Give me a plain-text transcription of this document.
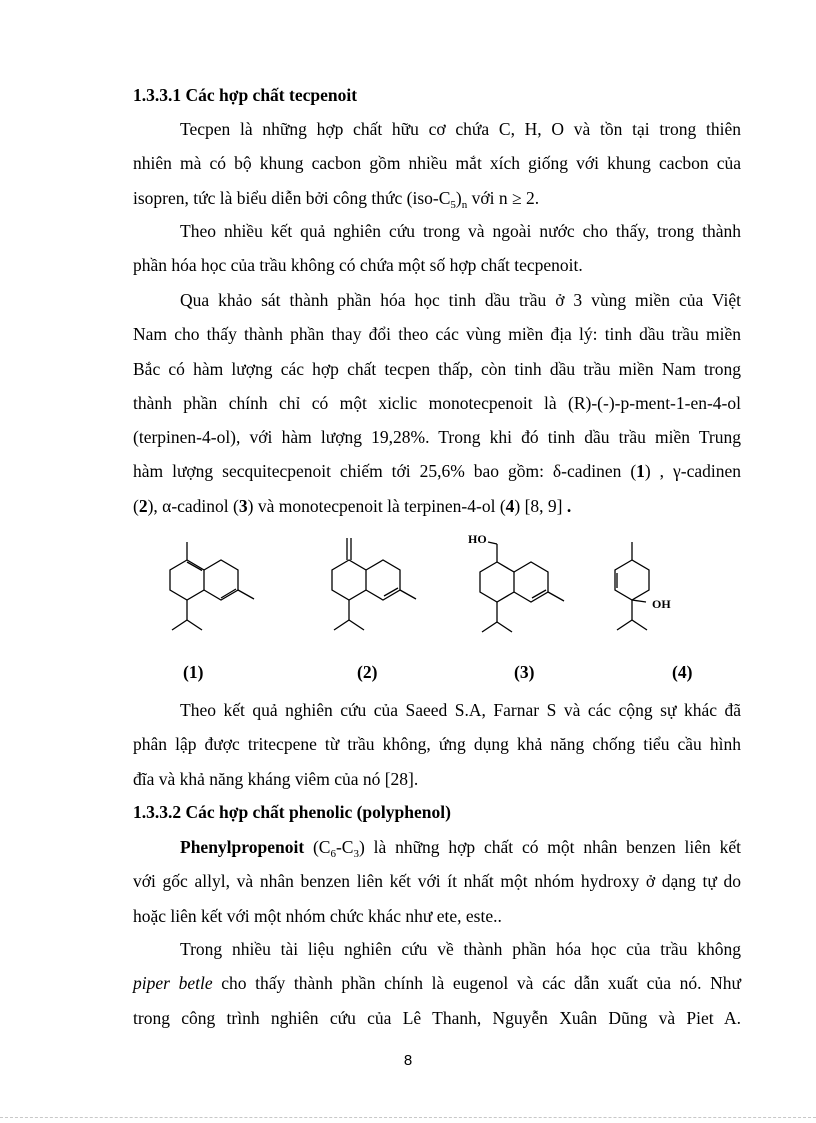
1.3.3.1 Các hợp chất tecpenoit
Tecpen là những hợp chất hữu cơ chứa C, H, O và tồn tại trong thiên
nhiên mà có bộ khung cacbon gồm nhiều mắt xích giống với khung cacbon của
isopren, tức là biểu diễn bởi công thức $(iso-C_5)_n$ với n ≥ 2.
Theo nhiều kết quả nghiên cứu trong và ngoài nước cho thấy, trong thành
phần hóa học của trầu không có chứa một số hợp chất tecpenoit.
Qua khảo sát thành phần hóa học tinh dầu trầu ở 3 vùng miền của Việt
Nam cho thấy thành phần thay đổi theo các vùng miền địa lý: tinh dầu trầu miền
Bắc có hàm lượng các hợp chất tecpen thấp, còn tinh dầu trầu miền Nam trong
thành phần chính chỉ có một xiclic monotecpenoit là (R)-(-)-p-ment-1-en-4-ol
(terpinen-4-ol), với hàm lượng 19,28%. Trong khi đó tinh dầu trầu miền Trung
hàm lượng secquitecpenoit chiếm tới 25,6% bao gồm: δ-cadinen (1) , γ-cadinen
(2), α-cadinol (3) và monotecpenoit là terpinen-4-ol (4) [8, 9] .
HO
OH
(1)	(2)	(3)	(4)
Theo kết quả nghiên cứu của Saeed S.A, Farnar S và các cộng sự khác đã
phân lập được tritecpene từ trầu không, ứng dụng khả năng chống tiểu cầu hình
đĩa và khả năng kháng viêm của nó [28].
1.3.3.2 Các hợp chất phenolic (polyphenol)
Phenylpropenoit $(C_6-C_3)$ là những hợp chất có một nhân benzen liên kết
với gốc allyl, và nhân benzen liên kết với ít nhất một nhóm hydroxy ở dạng tự do
hoặc liên kết với một nhóm chức khác như ete, este..
Trong nhiều tài liệu nghiên cứu về thành phần hóa học của trầu không
piper betle cho thấy thành phần chính là eugenol và các dẫn xuất của nó. Như
trong công trình nghiên cứu của Lê Thanh, Nguyễn Xuân Dũng và Piet A.
8
